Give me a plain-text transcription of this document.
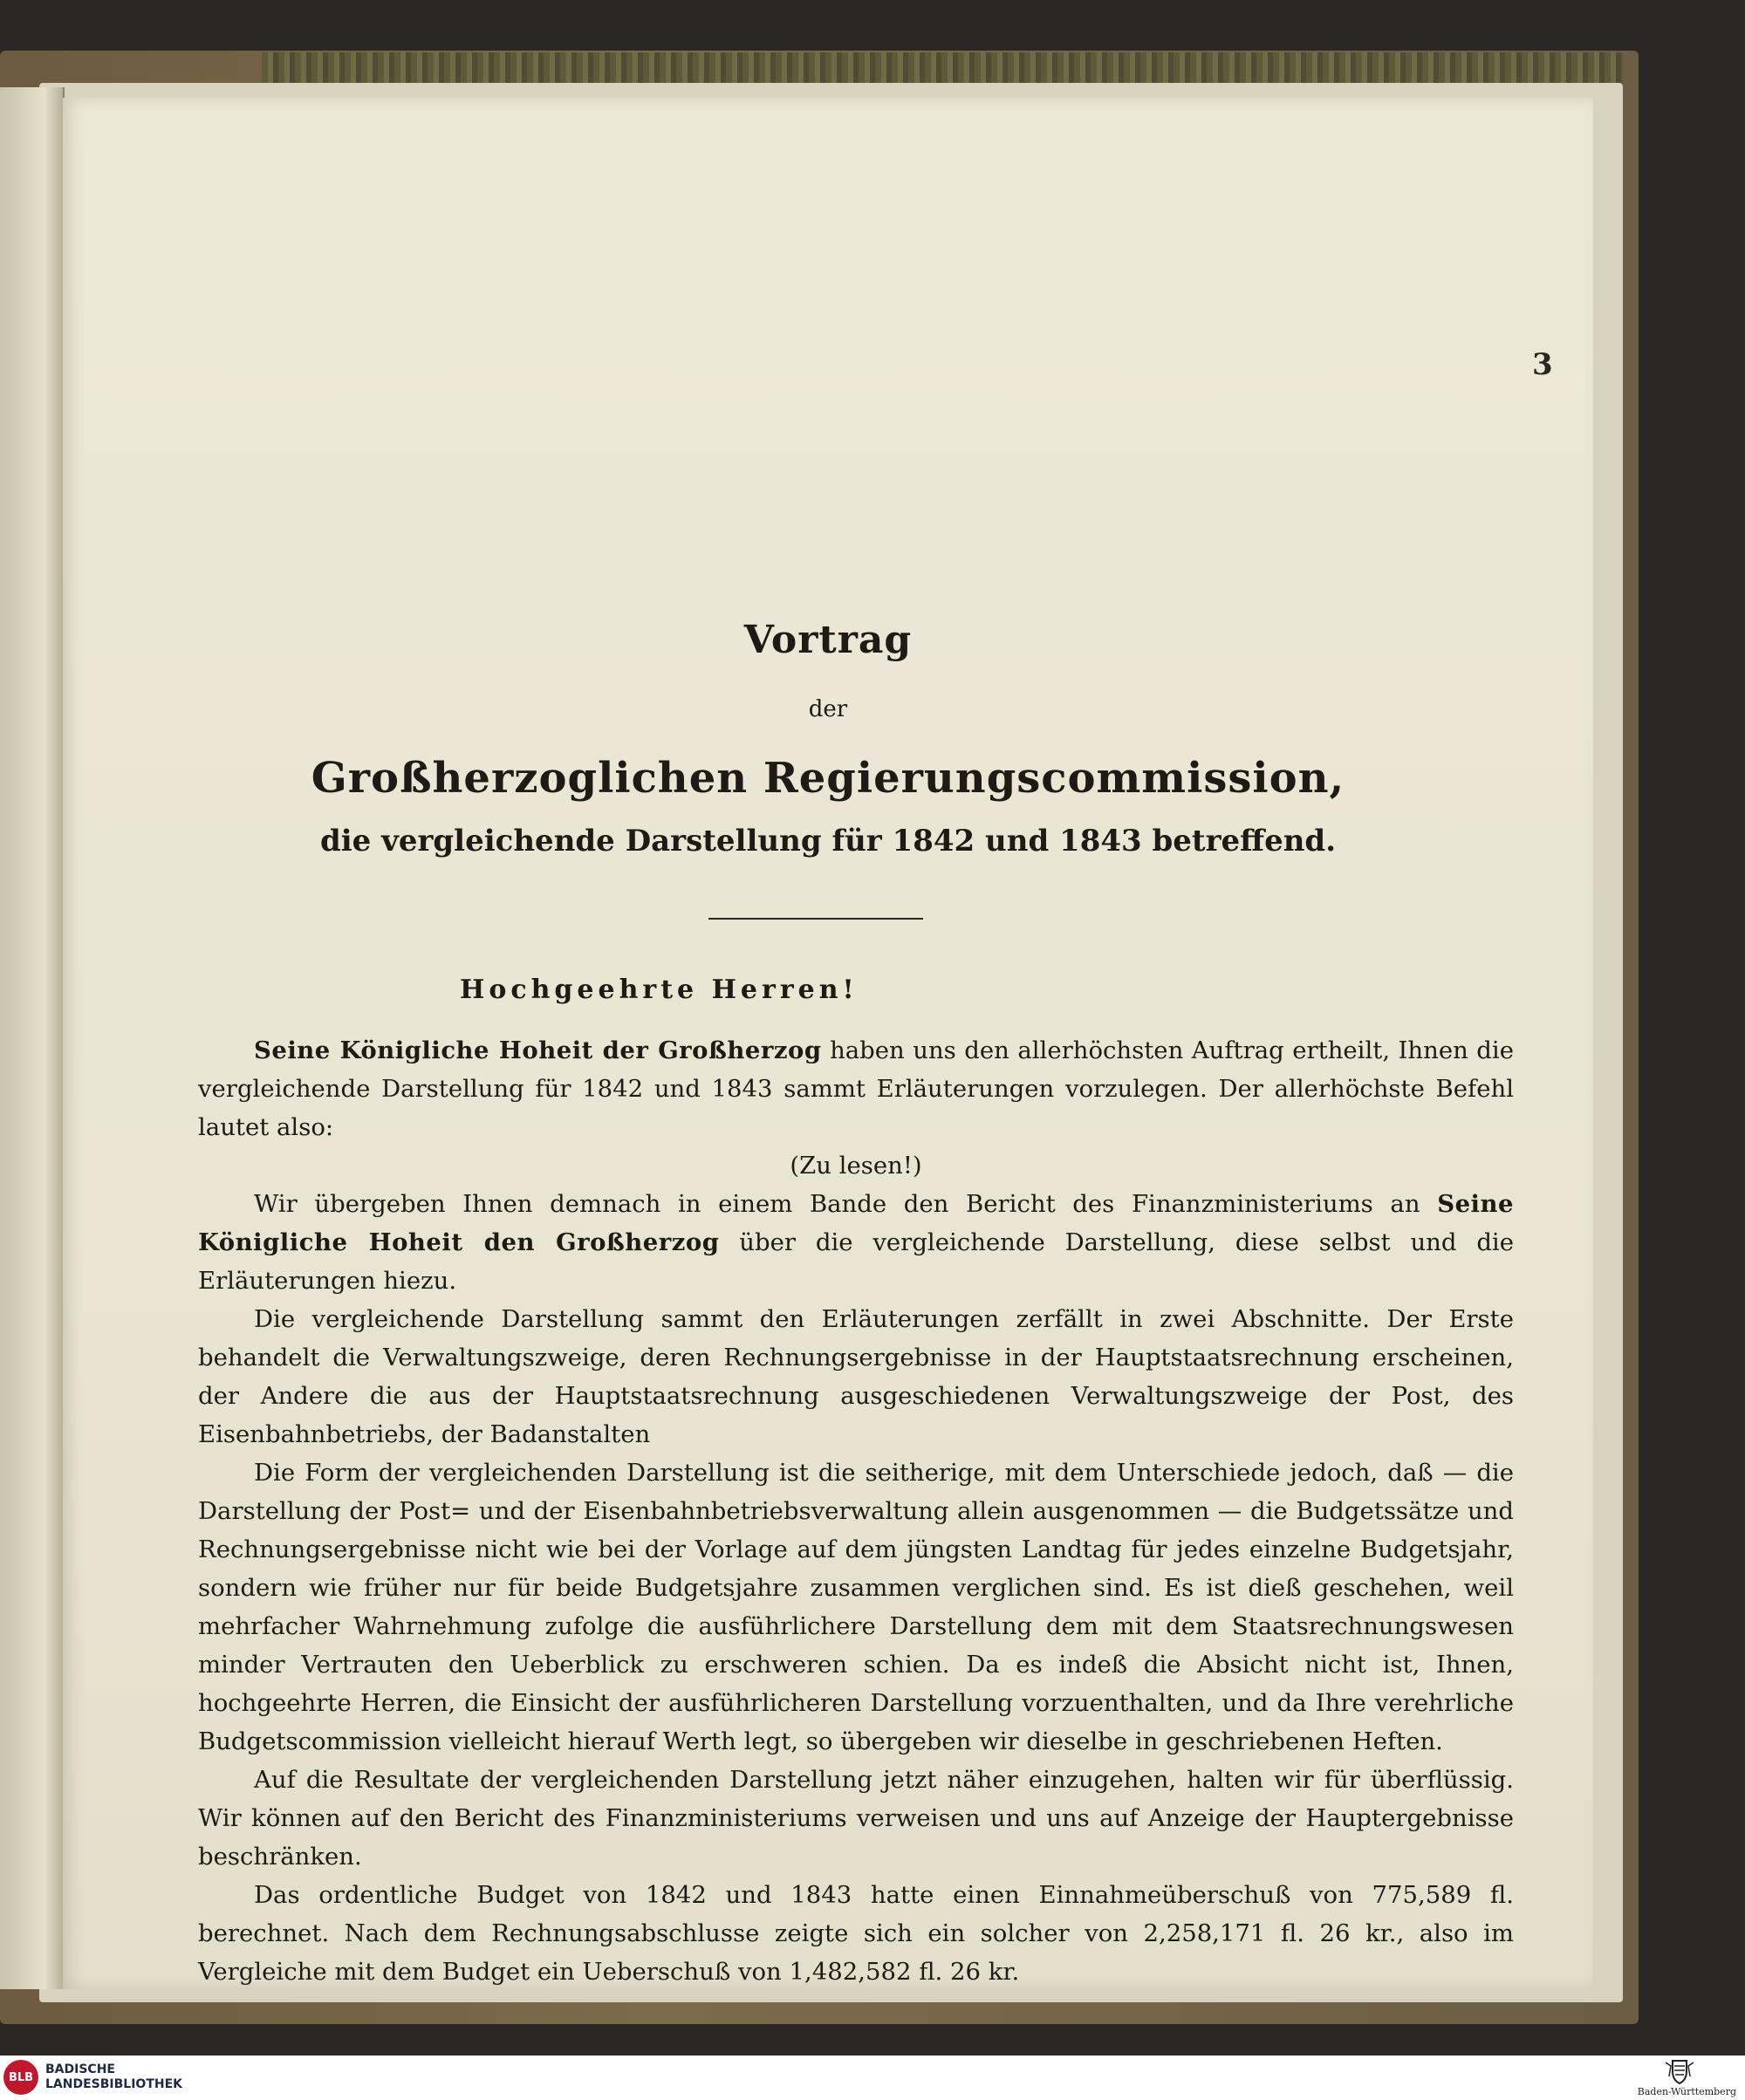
3
Vortrag
der
Großherzoglichen Regierungscommission,
die vergleichende Darstellung für 1842 und 1843 betreffend.
Hochgeehrte Herren!

Seine Königliche Hoheit der Großherzog haben uns den allerhöchsten Auftrag ertheilt, Ihnen die vergleichende Darstellung für 1842 und 1843 sammt Erläuterungen vorzulegen. Der allerhöchste Befehl lautet also:

(Zu lesen!)

Wir übergeben Ihnen demnach in einem Bande den Bericht des Finanzministeriums an Seine Königliche Hoheit den Großherzog über die vergleichende Darstellung, diese selbst und die Erläuterungen hiezu.

Die vergleichende Darstellung sammt den Erläuterungen zerfällt in zwei Abschnitte. Der Erste behandelt die Verwaltungszweige, deren Rechnungsergebnisse in der Hauptstaatsrechnung erscheinen, der Andere die aus der Hauptstaatsrechnung ausgeschiedenen Verwaltungszweige der Post, des Eisenbahnbetriebs, der Badanstalten

Die Form der vergleichenden Darstellung ist die seitherige, mit dem Unterschiede jedoch, daß — die Darstellung der Post= und der Eisenbahnbetriebsverwaltung allein ausgenommen — die Budgetssätze und Rechnungsergebnisse nicht wie bei der Vorlage auf dem jüngsten Landtag für jedes einzelne Budgetsjahr, sondern wie früher nur für beide Budgetsjahre zusammen verglichen sind. Es ist dieß geschehen, weil mehrfacher Wahrnehmung zufolge die ausführlichere Darstellung dem mit dem Staatsrechnungswesen minder Vertrauten den Ueberblick zu erschweren schien. Da es indeß die Absicht nicht ist, Ihnen, hochgeehrte Herren, die Einsicht der ausführlicheren Darstellung vorzuenthalten, und da Ihre verehrliche Budgetscommission vielleicht hierauf Werth legt, so übergeben wir dieselbe in geschriebenen Heften.

Auf die Resultate der vergleichenden Darstellung jetzt näher einzugehen, halten wir für überflüssig. Wir können auf den Bericht des Finanzministeriums verweisen und uns auf Anzeige der Hauptergebnisse beschränken.

Das ordentliche Budget von 1842 und 1843 hatte einen Einnahmeüberschuß von 775,589 fl. berechnet. Nach dem Rechnungsabschlusse zeigte sich ein solcher von 2,258,171 fl. 26 kr., also im Vergleiche mit dem Budget ein Ueberschuß von 1,482,582 fl. 26 kr.

BLB
BADISCHE
LANDESBIBLIOTHEK
Baden-Württemberg
